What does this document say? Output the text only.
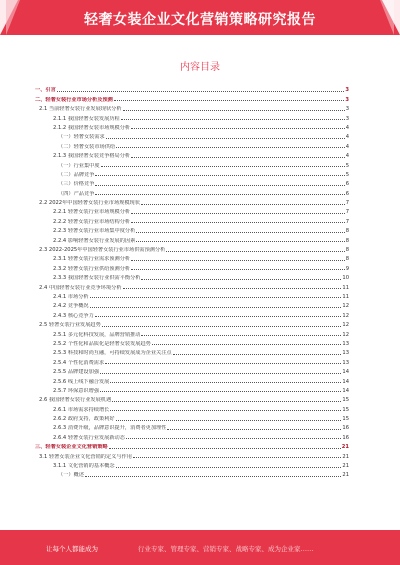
轻奢女装企业文化营销策略研究报告
内容目录
一、引言	3
二、轻奢女装行业市场分析及预测	3
2.1 当前轻奢女装行业发展现状分析	3
2.1.1 我国轻奢女装发展历程	3
2.1.2 我国轻奢女装市场规模分析	4
（一）轻奢女装需求	4
（二）轻奢女装市场供给	4
2.1.3 我国轻奢女装竞争格局分析	4
（一）行业集中度	5
（二）品牌竞争	5
（三）价格竞争	6
（四）产品竞争	6
2.2 2022年中国轻奢女装行业市场规模现状	7
2.2.1 轻奢女装行业市场规模分析	7
2.2.2 轻奢女装行业市场结构分析	7
2.2.3 轻奢女装行业市场集中度分析	8
2.2.4 影响轻奢女装行业发展的因素	8
2.3 2022-2025年中国轻奢女装行业市场供需预测分析	8
2.3.1 轻奢女装行业需求预测分析	8
2.3.2 轻奢女装行业供给预测分析	9
2.3.3 我国轻奢女装行业供需平衡分析	10
2.4 中国轻奢女装行业竞争环境分析	11
2.4.1 市场分析	11
2.4.2 竞争概况	12
2.4.3 核心竞争力	12
2.5 轻奢女装行业发展趋势	12
2.5.1 多元化科技发展，品牌营销推动	12
2.5.2 个性化和品质化是轻奢女装发展趋势	13
2.5.3 科技和时尚互融，可持续发展成为企业关注点	13
2.5.4 个性化消费需求	13
2.5.5 品牌建设加强	14
2.5.6 线上线下融合发展	14
2.5.7 环保意识增强	14
2.6 我国轻奢女装行业发展机遇	15
2.6.1 市场需求持续增长	15
2.6.2 政府支持，政策利好	15
2.6.3 消费升级，品牌意识提升，消费者更加理性	16
2.6.4 轻奢女装行业发展新动态	16
三、轻奢女装企业文化营销策略	21
3.1 轻奢女装企业文化营销的定义与作用	21
3.1.1 文化营销的基本概念	21
（一）概述	21
让每个人都能成为	行业专家、管理专家、营销专家、战略专家、成为企业家……
